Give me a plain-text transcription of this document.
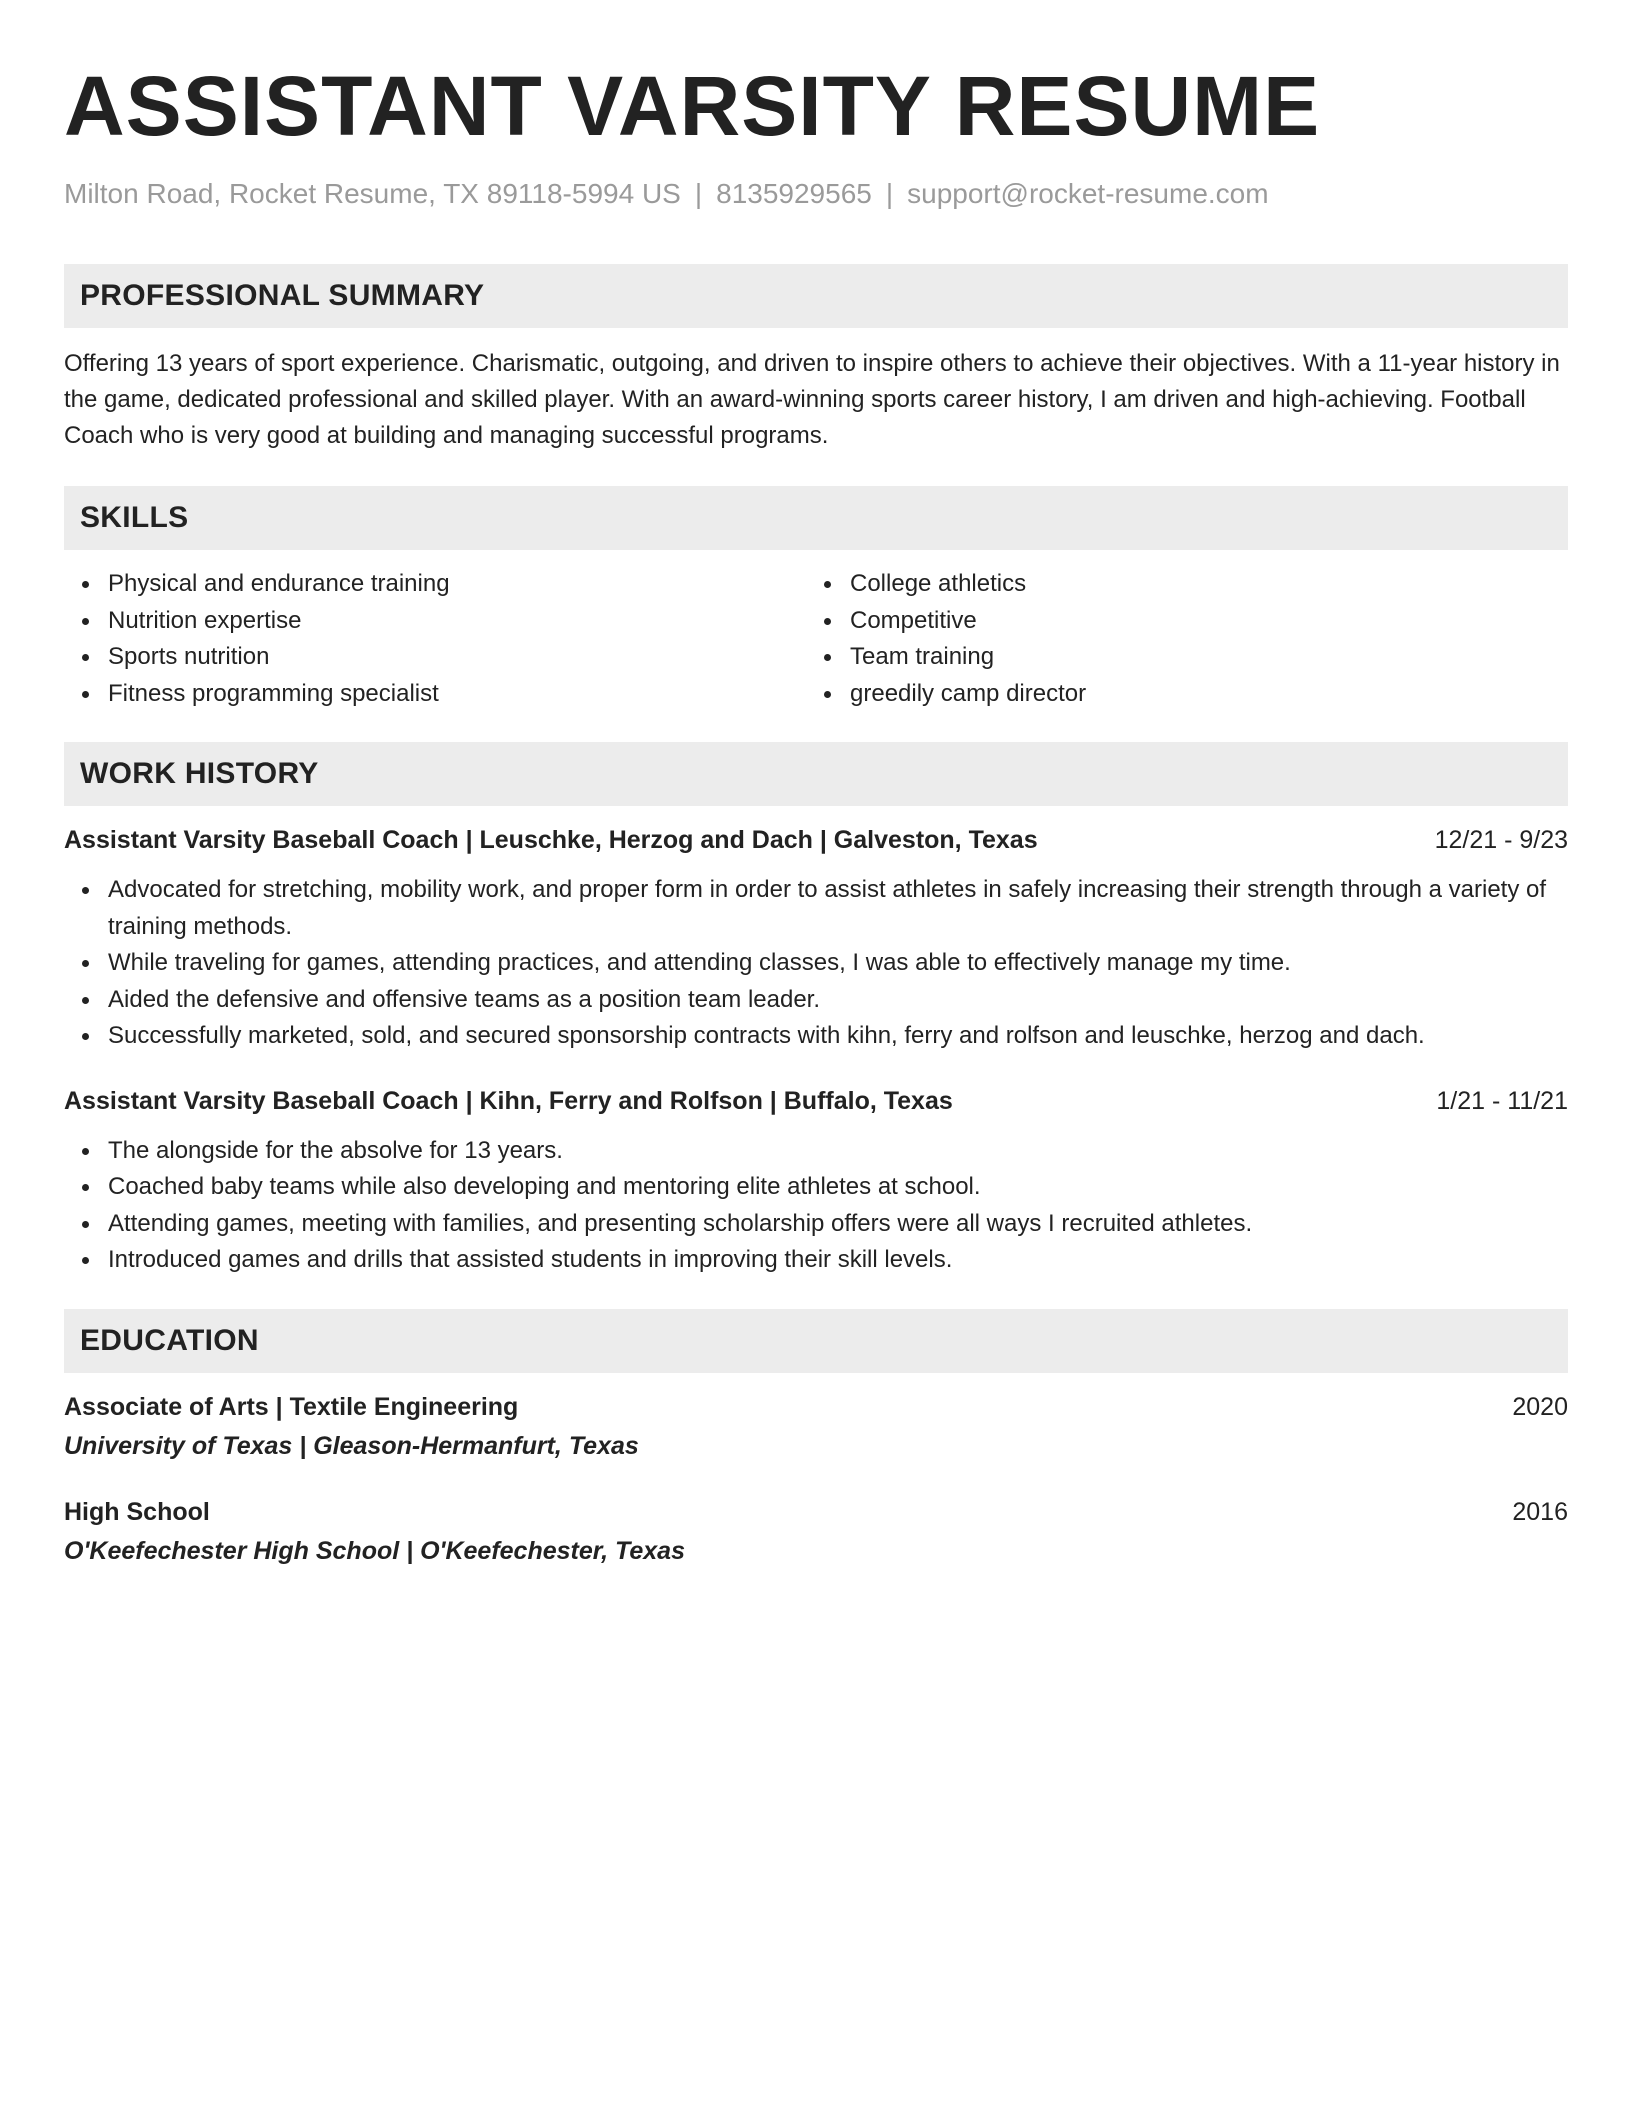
ASSISTANT VARSITY RESUME
Milton Road, Rocket Resume, TX 89118-5994 US | 8135929565 | support@rocket-resume.com
PROFESSIONAL SUMMARY
Offering 13 years of sport experience. Charismatic, outgoing, and driven to inspire others to achieve their objectives. With a 11-year history in the game, dedicated professional and skilled player. With an award-winning sports career history, I am driven and high-achieving. Football Coach who is very good at building and managing successful programs.
SKILLS
Physical and endurance training
Nutrition expertise
Sports nutrition
Fitness programming specialist
College athletics
Competitive
Team training
greedily camp director
WORK HISTORY
Assistant Varsity Baseball Coach | Leuschke, Herzog and Dach | Galveston, Texas	12/21 - 9/23
Advocated for stretching, mobility work, and proper form in order to assist athletes in safely increasing their strength through a variety of training methods.
While traveling for games, attending practices, and attending classes, I was able to effectively manage my time.
Aided the defensive and offensive teams as a position team leader.
Successfully marketed, sold, and secured sponsorship contracts with kihn, ferry and rolfson and leuschke, herzog and dach.
Assistant Varsity Baseball Coach | Kihn, Ferry and Rolfson | Buffalo, Texas	1/21 - 11/21
The alongside for the absolve for 13 years.
Coached baby teams while also developing and mentoring elite athletes at school.
Attending games, meeting with families, and presenting scholarship offers were all ways I recruited athletes.
Introduced games and drills that assisted students in improving their skill levels.
EDUCATION
Associate of Arts | Textile Engineering	2020
University of Texas | Gleason-Hermanfurt, Texas
High School	2016
O'Keefechester High School | O'Keefechester, Texas
